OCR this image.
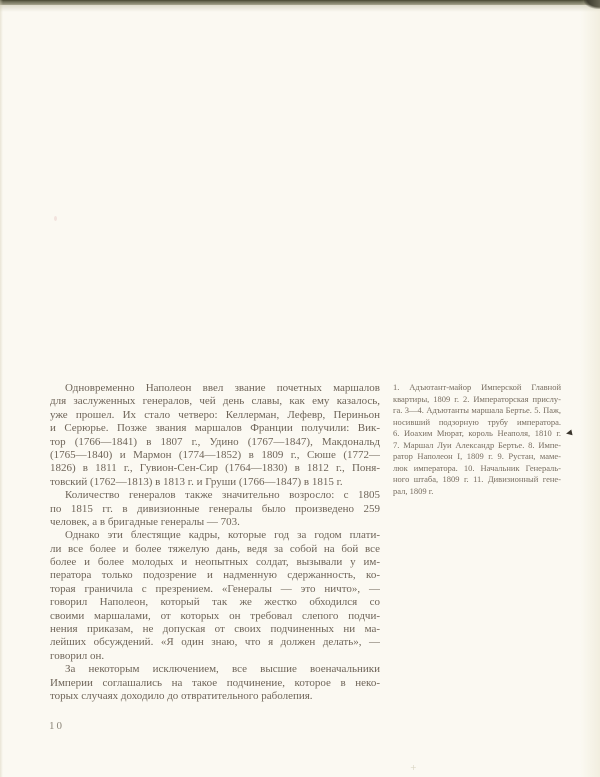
Одновременно Наполеон ввел звание почетных маршалов
для заслуженных генералов, чей день славы, как ему казалось,
уже прошел. Их стало четверо: Келлерман, Лефевр, Периньон
и Серюрье. Позже звания маршалов Франции получили: Вик-
тор (1766—1841) в 1807 г., Удино (1767—1847), Макдональд
(1765—1840) и Мармон (1774—1852) в 1809 г., Сюше (1772—
1826) в 1811 г., Гувион-Сен-Сир (1764—1830) в 1812 г., Поня-
товский (1762—1813) в 1813 г. и Груши (1766—1847) в 1815 г.
Количество генералов также значительно возросло: с 1805
по 1815 гг. в дивизионные генералы было произведено 259
человек, а в бригадные генералы — 703.
Однако эти блестящие кадры, которые год за годом плати-
ли все более и более тяжелую дань, ведя за собой на бой все
более и более молодых и неопытных солдат, вызывали у им-
ператора только подозрение и надменную сдержанность, ко-
торая граничила с презрением. «Генералы — это ничто», —
говорил Наполеон, который так же жестко обходился со
своими маршалами, от которых он требовал слепого подчи-
нения приказам, не допуская от своих подчиненных ни ма-
лейших обсуждений. «Я один знаю, что я должен делать», —
говорил он.
За некоторым исключением, все высшие военачальники
Империи соглашались на такое подчинение, которое в неко-
торых случаях доходило до отвратительного раболепия.
1. Адъютант-майор Имперской Главной
квартиры, 1809 г. 2. Императорская прислу-
га. 3—4. Адъютанты маршала Бертье. 5. Паж,
носивший подзорную трубу императора.
6. Иоахим Мюрат, король Неаполя, 1810 г.
7. Маршал Луи Александр Бертье. 8. Импе-
ратор Наполеон I, 1809 г. 9. Рустан, маме-
люк императора. 10. Начальник Генераль-
ного штаба, 1809 г. 11. Дивизионный гене-
рал, 1809 г.
10
+
